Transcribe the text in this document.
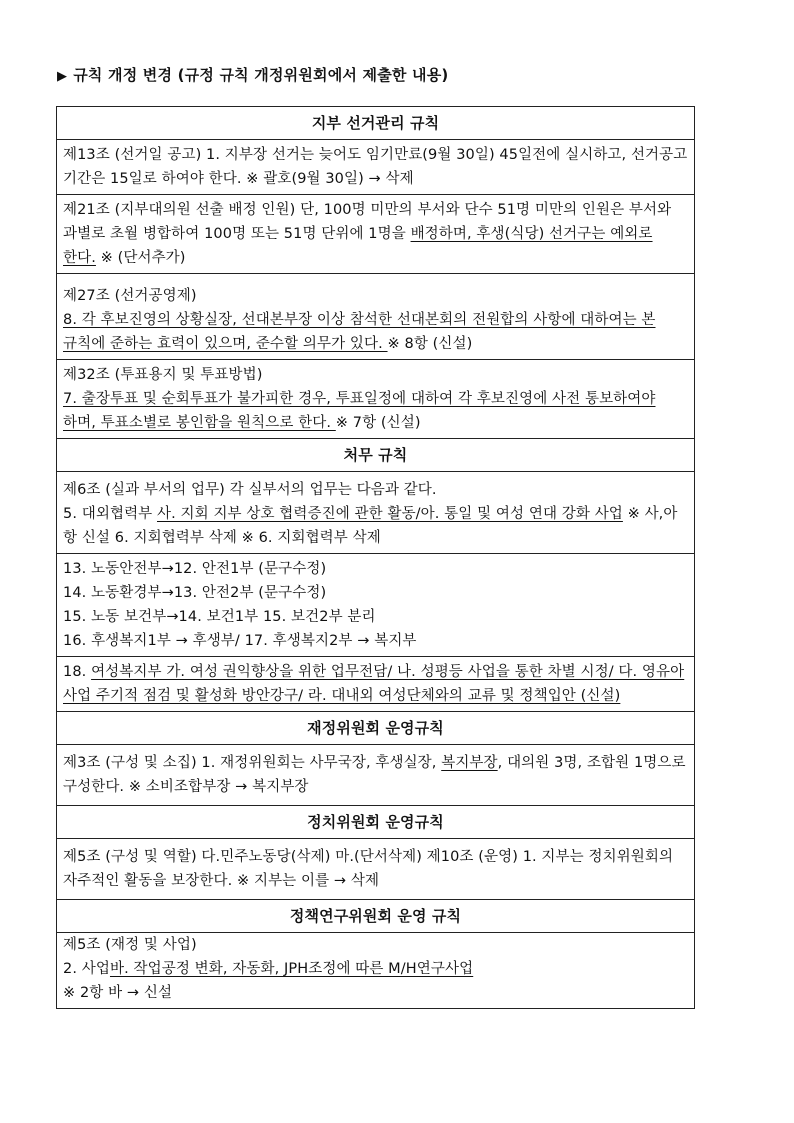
▶ 규칙 개정 변경 (규정 규칙 개정위원회에서 제출한 내용)
지부 선거관리 규칙
제13조 (선거일 공고) 1. 지부장 선거는 늦어도 임기만료(9월 30일) 45일전에 실시하고, 선거공고 기간은 15일로 하여야 한다. ※ 괄호(9월 30일) → 삭제
제21조 (지부대의원 선출 배정 인원) 단, 100명 미만의 부서와 단수 51명 미만의 인원은 부서와 과별로 초월 병합하여 100명 또는 51명 단위에 1명을 배정하며, 후생(식당) 선거구는 예외로 한다. ※ (단서추가)

제27조 (선거공영제)
8. 각 후보진영의 상황실장, 선대본부장 이상 참석한 선대본회의 전원합의 사항에 대하여는 본 규칙에 준하는 효력이 있으며, 준수할 의무가 있다. ※ 8항 (신설)

제32조 (투표용지 및 투표방법)
7. 출장투표 및 순회투표가 불가피한 경우, 투표일정에 대하여 각 후보진영에 사전 통보하여야 하며, 투표소별로 봉인함을 원칙으로 한다. ※ 7항 (신설)
처무 규칙

제6조 (실과 부서의 업무) 각 실부서의 업무는 다음과 같다.
5. 대외협력부 사. 지회 지부 상호 협력증진에 관한 활동/아. 통일 및 여성 연대 강화 사업 ※ 사,아 항 신설 6. 지회협력부 삭제 ※ 6. 지회협력부 삭제

13. 노동안전부→12. 안전1부 (문구수정)
14. 노동환경부→13. 안전2부 (문구수정)
15. 노동 보건부→14. 보건1부 15. 보건2부 분리
16. 후생복지1부 → 후생부/ 17. 후생복지2부 → 복지부

18. 여성복지부 가. 여성 권익향상을 위한 업무전담/ 나. 성평등 사업을 통한 차별 시정/ 다. 영유아 사업 주기적 점검 및 활성화 방안강구/ 라. 대내외 여성단체와의 교류 및 정책입안 (신설)
재정위원회 운영규칙
제3조 (구성 및 소집) 1. 재정위원회는 사무국장, 후생실장, 복지부장, 대의원 3명, 조합원 1명으로 구성한다. ※ 소비조합부장 → 복지부장
정치위원회 운영규칙
제5조 (구성 및 역할) 다.민주노동당(삭제) 마.(단서삭제) 제10조 (운영) 1. 지부는 정치위원회의 자주적인 활동을 보장한다. ※ 지부는 이를 → 삭제
정책연구위원회 운영 규칙

제5조 (재정 및 사업)
2. 사업바. 작업공정 변화, 자동화, JPH조정에 따른 M/H연구사업
※ 2항 바 → 신설
